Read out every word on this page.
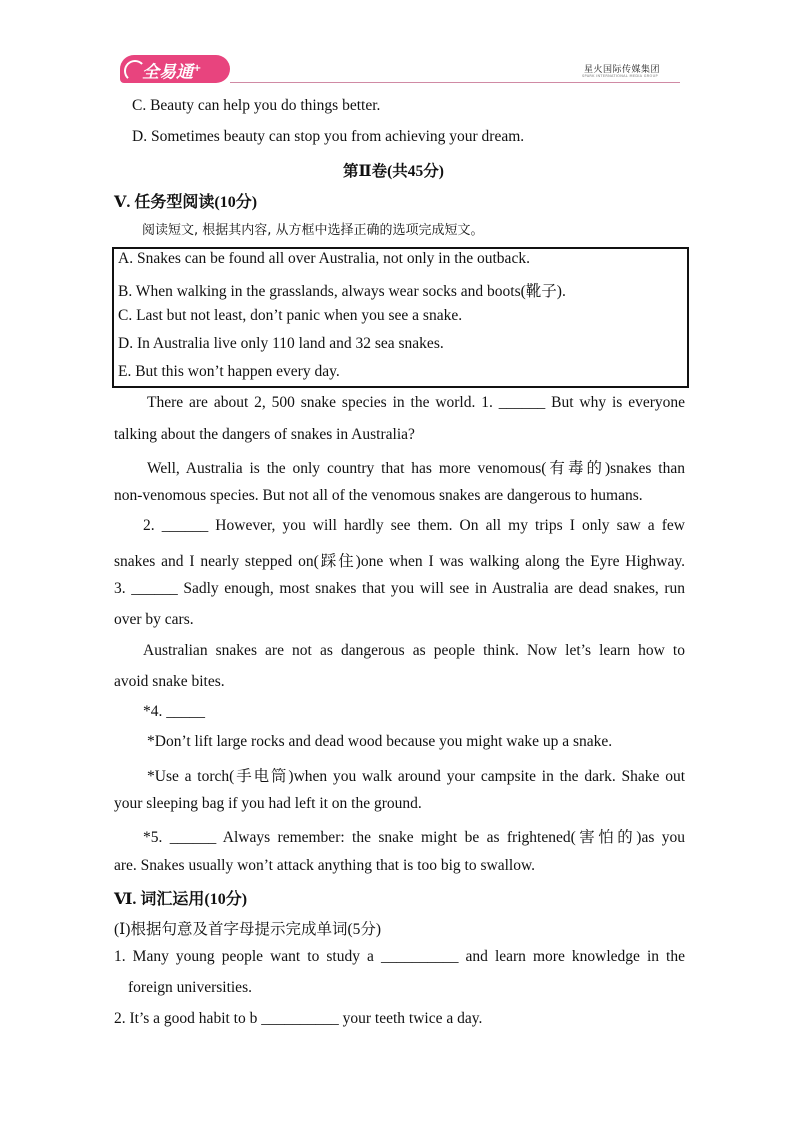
全易通+	星火国际传媒集团
SPARK INTERNATIONAL MEDIA GROUP
C. Beauty can help you do things better.
D. Sometimes beauty can stop you from achieving your dream.
第Ⅱ卷(共45分)
Ⅴ. 任务型阅读(10分)
阅读短文, 根据其内容, 从方框中选择正确的选项完成短文。
A. Snakes can be found all over Australia, not only in the outback.
B. When walking in the grasslands, always wear socks and boots(靴子).
C. Last but not least, don’t panic when you see a snake.
D. In Australia live only 110 land and 32 sea snakes.
E. But this won’t happen every day.
There are about 2, 500 snake species in the world. 1. ______ But why is everyone
talking about the dangers of snakes in Australia?
Well, Australia is the only country that has more venomous(有毒的)snakes than
non-venomous species. But not all of the venomous snakes are dangerous to humans.
2. ______ However, you will hardly see them. On all my trips I only saw a few
snakes and I nearly stepped on(踩住)one when I was walking along the Eyre Highway.
3. ______ Sadly enough, most snakes that you will see in Australia are dead snakes, run
over by cars.
Australian snakes are not as dangerous as people think. Now let’s learn how to
avoid snake bites.
*4. _____
*Don’t lift large rocks and dead wood because you might wake up a snake.
*Use a torch(手电筒)when you walk around your campsite in the dark. Shake out
your sleeping bag if you had left it on the ground.
*5. ______ Always remember: the snake might be as frightened(害怕的)as you
are. Snakes usually won’t attack anything that is too big to swallow.
Ⅵ. 词汇运用(10分)
(Ⅰ)根据句意及首字母提示完成单词(5分)
1. Many young people want to study a __________ and learn more knowledge in the
foreign universities.
2. It’s a good habit to b __________ your teeth twice a day.
